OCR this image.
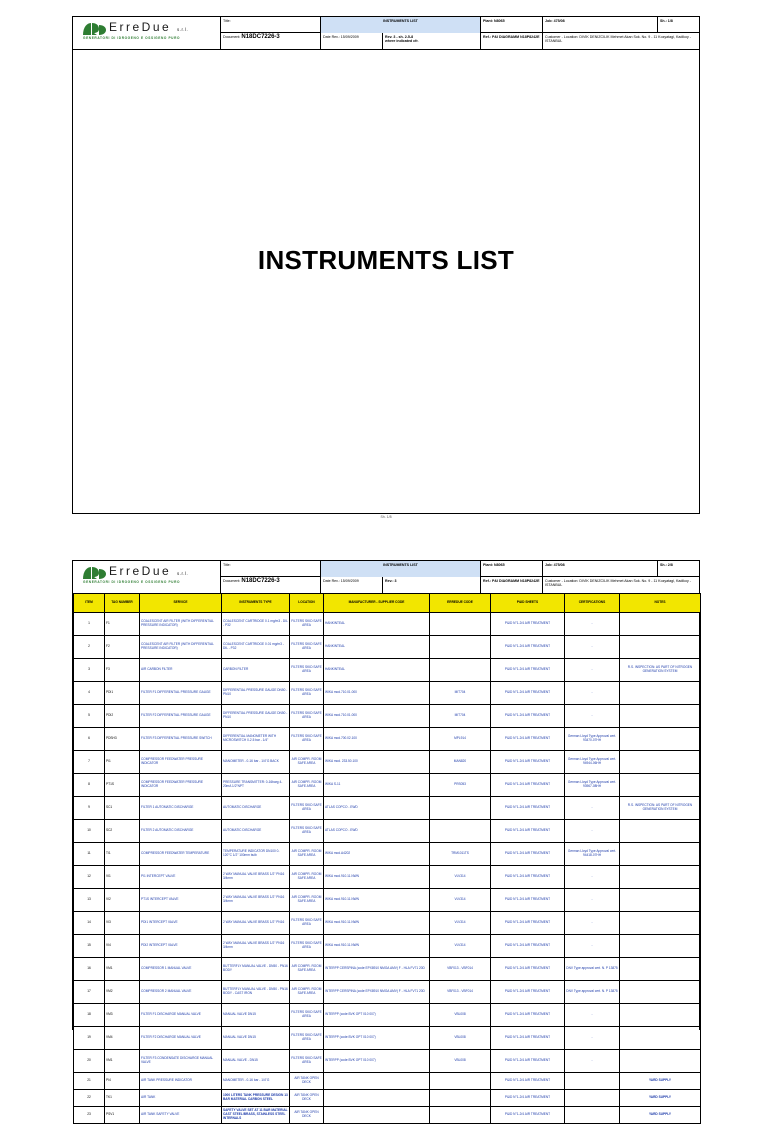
ErreDue s.r.l.
GENERATORI DI IDROGENO E OSSIGENO PURO
Title:	INSTRUMENTS LIST	Plant: N8065	Job: 475/08	Sh.: 1/8
Document: N18DC7226-3	Date Rev.: 15/09/2009	Rev. 3 - sh. 2-5-8
where indicated cfr.
Ref.: P&I DIAGRAMM N18P8242E	Customer - Location: DIVIK DENIZCILIK Mehmet Akan Sok. No. 9 - 11 Kozyatagi, Kadikoy - ISTANBUL
INSTRUMENTS LIST
Sh. 1/8
ErreDue s.r.l.
GENERATORI DI IDROGENO E OSSIGENO PURO
Title:	INSTRUMENTS LIST	Plant: N8065	Job: 475/08	Sh.: 2/8
Document: N18DC7226-3	Date Rev.: 15/09/2009	Rev.: 3	Ref.: P&I DIAGRAMM N18P8242E	Customer - Location: DIVIK DENIZCILIK Mehmet Akan Sok. No. 9 - 11 Kozyatagi, Kadikoy - ISTANBUL
ITEM	TAG NUMBER	SERVICE	INSTRUMENTS TYPE	LOCATION	MANUFACTURER - SUPPLIER CODE	ERREDUE CODE	P&ID SHEETS	CERTIFICATIONS	NOTES
1	F1	COALESCENT AIR FILTER (WITH DIFFERENTIAL PRESSURE INDICATOR)	COALESCENT CARTRIDGE 0.1 mg/m3 - DIL - P32	FILTERS SKID SAFE AREA	HANKINTEAL		P&ID N°1-2/4 AIR TREATMENT	-	
2	F2	COALESCENT AIR FILTER (WITH DIFFERENTIAL PRESSURE INDICATOR)	COALESCENT CARTRIDGE 0.01 mg/m3 - DIL - P32	FILTERS SKID SAFE AREA	HANKINTEAL		P&ID N°1-2/4 AIR TREATMENT	-	
3	F3	AIR CARBON FILTER	CARBON FILTER	FILTERS SKID SAFE AREA	HANKINTEAL		P&ID N°1-2/4 AIR TREATMENT	-	R.S. INSPECTION: AS PART OF NITROGEN GENERATION SYSTEM
4	PDI1	FILTER F1 DIFFERENTIAL PRESSURE GAUGE	DIFFERENTIAL PRESSURE GAUGE DN50 - PN10	FILTERS SKID SAFE AREA	WIKA mod.710.01.000	MIT704	P&ID N°1-2/4 AIR TREATMENT	-	
5	PDI2	FILTER F2 DIFFERENTIAL PRESSURE GAUGE	DIFFERENTIAL PRESSURE GAUGE DN50 - PN10	FILTERS SKID SAFE AREA	WIKA mod.710.01.000	MIT704	P&ID N°1-2/4 AIR TREATMENT	-	
6	PDSH3	FILTER F3 DIFFERENTIAL PRESSURE SWITCH	DIFFERENTIAL MANOMETER WITH MICROSWITCH 0-2.5 bar - 1/4"	FILTERS SKID SAFE AREA	WIKA mod.700.02.100	MPL914	P&ID N°1-2/4 AIR TREATMENT	German Lloyd Type Approval cert. 93470-07HH	
7	PI1	COMPRESSOR FEEDWATER PRESSURE INDICATOR	MANOMETER - 0-16 bar - 1/4"G BACK	AIR COMPR. ROOM SAFE AREA	WIKA mod. 233.50.100	MAN820	P&ID N°1-2/4 AIR TREATMENT	German Lloyd Type Approval cert. 94944-06HH	
8	PT1S	COMPRESSOR FEEDWATER PRESSURE INDICATOR	PRESSURE TRANSMITTER: 0-16barg 4-20mA 1/2"NPT	AIR COMPR. ROOM SAFE AREA	WIKA S-11	PRS053	P&ID N°1-2/4 AIR TREATMENT	German Lloyd Type Approval cert. 93967-08HH	
9	SC1	FILTER 1 AUTOMATIC DISCHARGE	AUTOMATIC DISCHARGE	FILTERS SKID SAFE AREA	ATLAS COPCO - EWD		P&ID N°1-2/4 AIR TREATMENT	-	R.S. INSPECTION: AS PART OF NITROGEN GENERATION SYSTEM
10	SC2	FILTER 2 AUTOMATIC DISCHARGE	AUTOMATIC DISCHARGE	FILTERS SKID SAFE AREA	ATLAS COPCO - EWD		P&ID N°1-2/4 AIR TREATMENT	-	
11	TI1	COMPRESSOR FEEDWATER TEMPERATURE	TEMPERATURE INDICATOR DN100 0-120°C 1/2" 100mm bulb	AIR COMPR. ROOM SAFE AREA	WIKA mod.A4202	TRM1011TS	P&ID N°1-2/4 AIR TREATMENT	German Lloyd Type Approval cert. 94418-07HH	
12	VI1	PI1 INTERCEPT VALVE	2 WAY MANUAL VALVE BRASS 1/2" PN16 3/4mm	AIR COMPR. ROOM SAFE AREA	WIKA mod.910.11.NWN	VLV314	P&ID N°1-2/4 AIR TREATMENT	-	
13	VI2	PT1S INTERCEPT VALVE	2 WAY MANUAL VALVE BRASS 1/2" PN16 3/4mm	AIR COMPR. ROOM SAFE AREA	WIKA mod.910.11.NWN	VLV314	P&ID N°1-2/4 AIR TREATMENT	-	
14	VI3	PDI1 INTERCEPT VALVE	2 WAY MANUAL VALVE BRASS 1/2" PN16	FILTERS SKID SAFE AREA	WIKA mod.910.11.NWN	VLV314	P&ID N°1-2/4 AIR TREATMENT	-	
15	VI4	PDI2 INTERCEPT VALVE	2 WAY MANUAL VALVE BRASS 1/2" PN16 3/4mm	FILTERS SKID SAFE AREA	WIKA mod.910.11.NWN	VLV314	P&ID N°1-2/4 AIR TREATMENT	-	
16	VM1	COMPRESSOR 1 MANUAL VALVE	BUTTERFLY MANUAL VALVE - DN50 - PN16 BODY	AIR COMPR. ROOM SAFE AREA	INTERPP CERSPINA (code EPX8910 NMGA AMV) F - HLA FV71 20D	VBF013 - VBF014	P&ID N°1-2/4 AIR TREATMENT	DNV Type approval cert. N. P 13875	
17	VM2	COMPRESSOR 2 MANUAL VALVE	BUTTERFLY MANUAL VALVE - DN50 - PN16 BODY - CAST IRON	AIR COMPR. ROOM SAFE AREA	INTERPP CERSPINA (code EPX8910 NMGA AMV) F - HLA FV71 20D	VBF013 - VBF014	P&ID N°1-2/4 AIR TREATMENT	DNV Type approval cert. N. P 13875	
18	VM3	FILTER F1 DISCHARGE MANUAL VALVE	MANUAL VALVE DN15	FILTERS SKID SAFE AREA	INTERPP (code BVK OPT 010 007)	VBL008	P&ID N°1-2/4 AIR TREATMENT	-	
19	VM4	FILTER F2 DISCHARGE MANUAL VALVE	MANUAL VALVE DN15	FILTERS SKID SAFE AREA	INTERPP (code BVK OPT 010 007)	VBL008	P&ID N°1-2/4 AIR TREATMENT	-	
20	VM1	FILTER F3 CONDENSATE DISCHARGE MANUAL VALVE	MANUAL VALVE - DN15	FILTERS SKID SAFE AREA	INTERPP (code BVK OPT 010 007)	VBL008	P&ID N°1-2/4 AIR TREATMENT	-	
21	PI4	AIR TANK PRESSURE INDICATOR	MANOMETER - 0-16 bar - 1/4"G	AIR TANK OPEN DECK			P&ID N°1-2/4 AIR TREATMENT		YARD SUPPLY
22	TK1	AIR TANK	1000 LITERS TANK PRESSURE DESIGN 13 BAR MATERIAL CARBON STEEL	AIR TANK OPEN DECK			P&ID N°1-2/4 AIR TREATMENT		YARD SUPPLY
23	PSV1	AIR TANK SAFETY VALVE	SAFETY VALVE SET AT 11 BAR MATERIAL CAST STEEL/BRASS, STAINLESS STEEL INTERNALS	AIR TANK OPEN DECK			P&ID N°1-2/4 AIR TREATMENT		YARD SUPPLY
